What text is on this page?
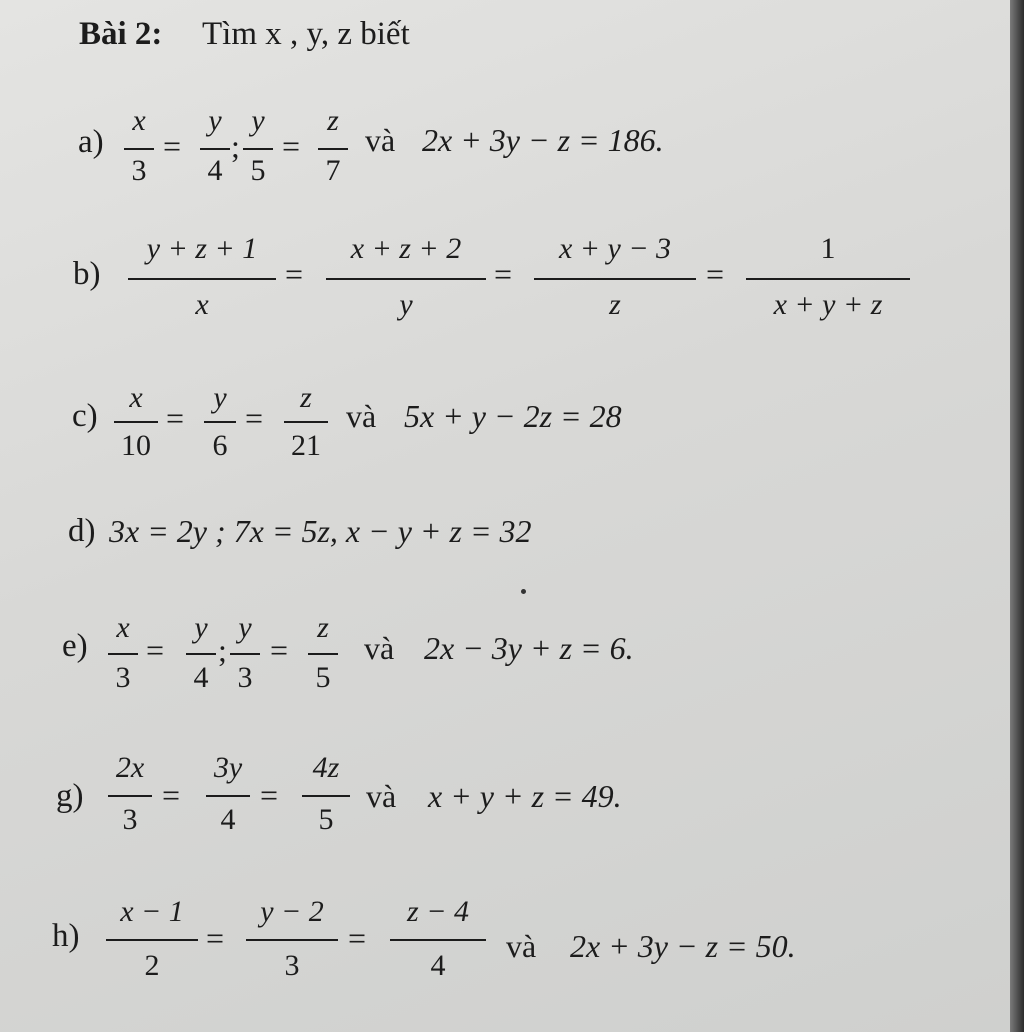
Bài 2: Tìm x , y, z biết
a)
x
3
=
y
4
;
y
5
=
z
7
và 2x + 3y − z = 186.
b)
y + z + 1
x
=
x + z + 2
y
=
x + y − 3
z
=
1
x + y + z
c)
x
10
=
y
6
=
z
21
và 5x + y − 2z = 28
d) 3x = 2y ; 7x = 5z, x − y + z = 32
e)
x
3
=
y
4
;
y
3
=
z
5
và 2x − 3y + z = 6.
g)
2x
3
=
3y
4
=
4z
5
và x + y + z = 49.
h)
x − 1
2
=
y − 2
3
=
z − 4
4
và 2x + 3y − z = 50.
